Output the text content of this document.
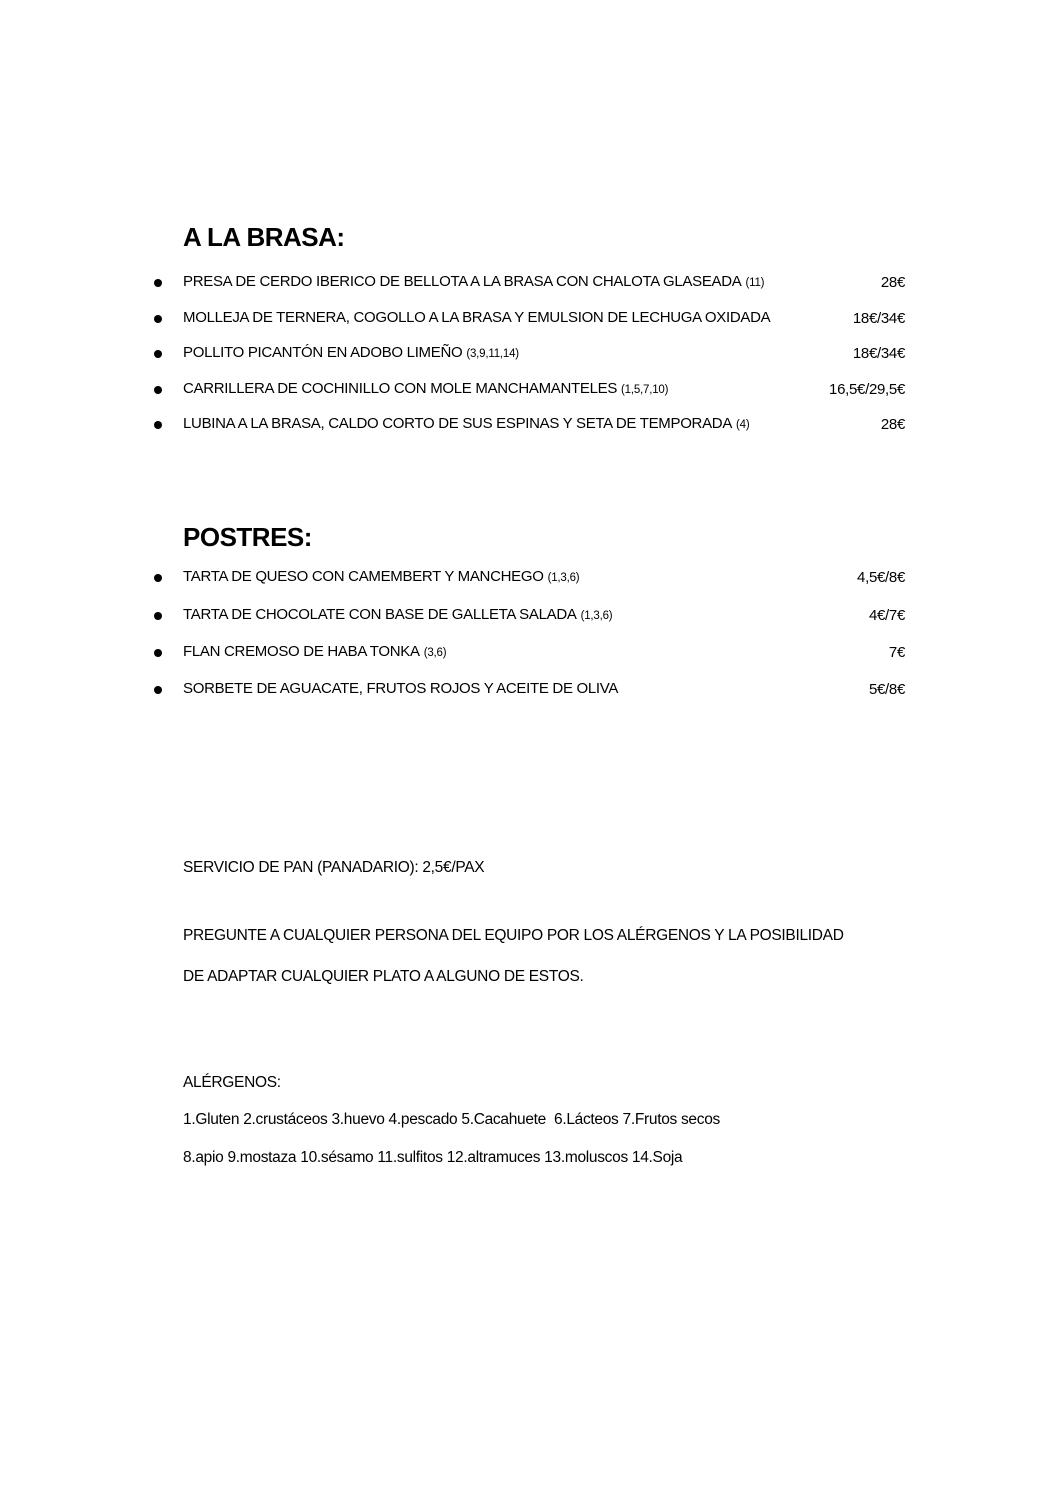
A LA BRASA:
PRESA DE CERDO IBERICO DE BELLOTA A LA BRASA CON CHALOTA GLASEADA (11)	28€
MOLLEJA DE TERNERA, COGOLLO A LA BRASA Y EMULSION DE LECHUGA OXIDADA	18€/34€
POLLITO PICANTÓN EN ADOBO LIMEÑO (3,9,11,14)	18€/34€
CARRILLERA DE COCHINILLO CON MOLE MANCHAMANTELES (1,5,7,10)	16,5€/29,5€
LUBINA A LA BRASA, CALDO CORTO DE SUS ESPINAS Y SETA DE TEMPORADA (4)	28€
POSTRES:
TARTA DE QUESO CON CAMEMBERT Y MANCHEGO (1,3,6)	4,5€/8€
TARTA DE CHOCOLATE CON BASE DE GALLETA SALADA (1,3,6)	4€/7€
FLAN CREMOSO DE HABA TONKA (3,6)	7€
SORBETE DE AGUACATE, FRUTOS ROJOS Y ACEITE DE OLIVA	5€/8€
SERVICIO DE PAN (PANADARIO): 2,5€/PAX
PREGUNTE A CUALQUIER PERSONA DEL EQUIPO POR LOS ALÉRGENOS Y LA POSIBILIDAD
DE ADAPTAR CUALQUIER PLATO A ALGUNO DE ESTOS.
ALÉRGENOS:
1.Gluten 2.crustáceos 3.huevo 4.pescado 5.Cacahuete  6.Lácteos 7.Frutos secos
8.apio 9.mostaza 10.sésamo 11.sulfitos 12.altramuces 13.moluscos 14.Soja
